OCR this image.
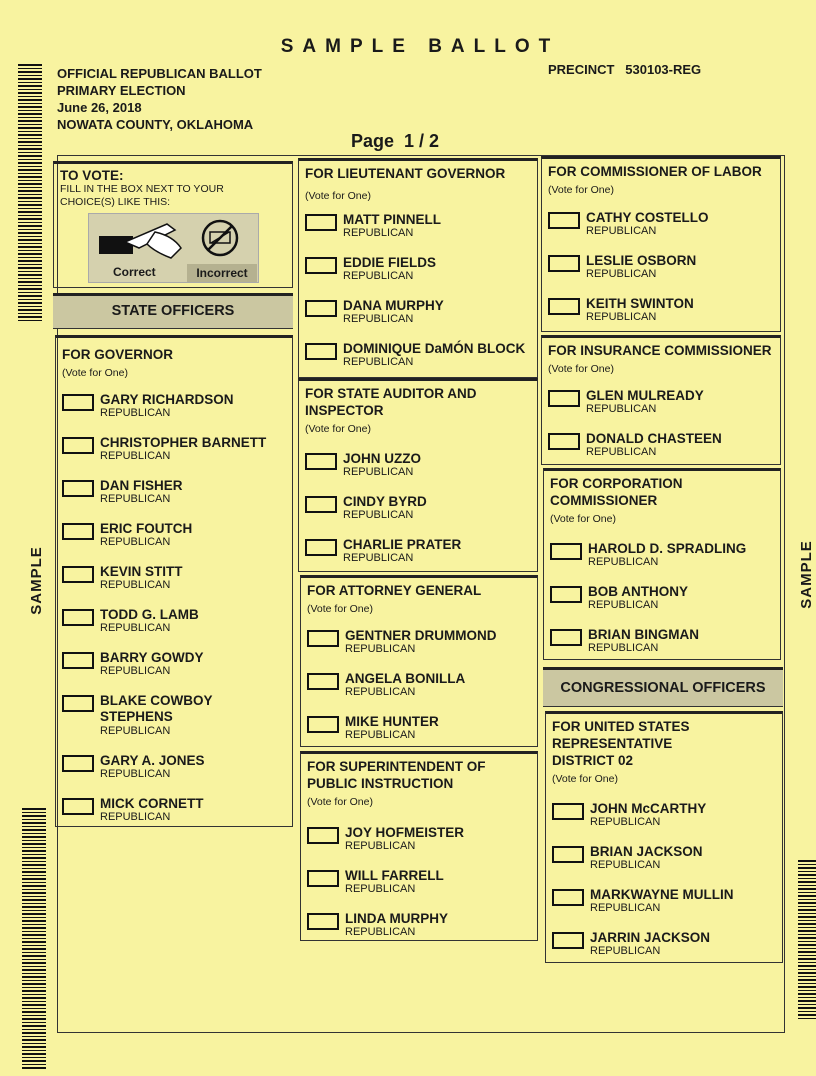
SAMPLE BALLOT
OFFICIAL REPUBLICAN BALLOT
PRIMARY ELECTION
June 26, 2018
NOWATA COUNTY, OKLAHOMA
PRECINCT   530103-REG
Page  1 / 2
SAMPLE	SAMPLE
TO VOTE:
FILL IN THE BOX NEXT TO YOUR CHOICE(S) LIKE THIS:
Correct	Incorrect
STATE OFFICERS
FOR GOVERNOR
(Vote for One)
GARY RICHARDSON
REPUBLICAN
CHRISTOPHER BARNETT
REPUBLICAN
DAN FISHER
REPUBLICAN
ERIC FOUTCH
REPUBLICAN
KEVIN STITT
REPUBLICAN
TODD G. LAMB
REPUBLICAN
BARRY GOWDY
REPUBLICAN
BLAKE COWBOY STEPHENS
REPUBLICAN
GARY A. JONES
REPUBLICAN
MICK CORNETT
REPUBLICAN
FOR LIEUTENANT GOVERNOR
(Vote for One)
MATT PINNELL
REPUBLICAN
EDDIE FIELDS
REPUBLICAN
DANA MURPHY
REPUBLICAN
DOMINIQUE DaMÓN BLOCK
REPUBLICAN
FOR STATE AUDITOR AND INSPECTOR
(Vote for One)
JOHN UZZO
REPUBLICAN
CINDY BYRD
REPUBLICAN
CHARLIE PRATER
REPUBLICAN
FOR ATTORNEY GENERAL
(Vote for One)
GENTNER DRUMMOND
REPUBLICAN
ANGELA BONILLA
REPUBLICAN
MIKE HUNTER
REPUBLICAN
FOR SUPERINTENDENT OF PUBLIC INSTRUCTION
(Vote for One)
JOY HOFMEISTER
REPUBLICAN
WILL FARRELL
REPUBLICAN
LINDA MURPHY
REPUBLICAN
FOR COMMISSIONER OF LABOR
(Vote for One)
CATHY COSTELLO
REPUBLICAN
LESLIE OSBORN
REPUBLICAN
KEITH SWINTON
REPUBLICAN
FOR INSURANCE COMMISSIONER
(Vote for One)
GLEN MULREADY
REPUBLICAN
DONALD CHASTEEN
REPUBLICAN
FOR CORPORATION COMMISSIONER
(Vote for One)
HAROLD D. SPRADLING
REPUBLICAN
BOB ANTHONY
REPUBLICAN
BRIAN BINGMAN
REPUBLICAN
CONGRESSIONAL OFFICERS
FOR UNITED STATES REPRESENTATIVE DISTRICT 02
(Vote for One)
JOHN McCARTHY
REPUBLICAN
BRIAN JACKSON
REPUBLICAN
MARKWAYNE MULLIN
REPUBLICAN
JARRIN JACKSON
REPUBLICAN
